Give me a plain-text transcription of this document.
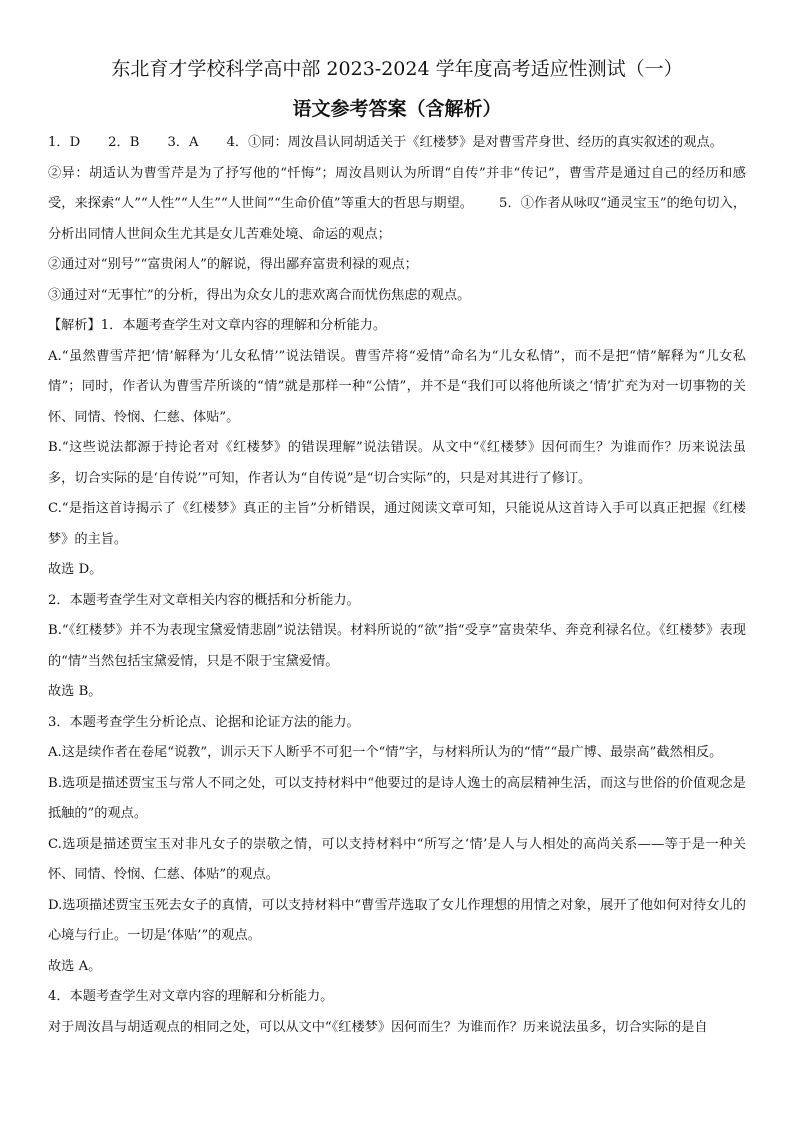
东北育才学校科学高中部 2023-2024 学年度高考适应性测试（一）
语文参考答案（含解析）

1．D 2．B 3．A 4．①同：周汝昌认同胡适关于《红楼梦》是对曹雪芹身世、经历的真实叙述的观点。

②异：胡适认为曹雪芹是为了抒写他的“忏悔”；周汝昌则认为所谓“自传”并非“传记”，曹雪芹是通过自己的经历和感受，来探索“人”“人性”“人生”“人世间”“生命价值”等重大的哲思与期望。 5．①作者从咏叹“通灵宝玉”的绝句切入，分析出同情人世间众生尤其是女儿苦难处境、命运的观点；

②通过对“别号”“富贵闲人”的解说，得出鄙弃富贵利禄的观点；

③通过对“无事忙”的分析，得出为众女儿的悲欢离合而忧伤焦虑的观点。

【解析】1．本题考查学生对文章内容的理解和分析能力。

A.“虽然曹雪芹把‘情’解释为‘儿女私情’”说法错误。曹雪芹将“爱情”命名为“儿女私情”，而不是把“情”解释为“儿女私情”；同时，作者认为曹雪芹所谈的“情”就是那样一种“公情”，并不是“我们可以将他所谈之‘情’扩充为对一切事物的关怀、同情、怜悯、仁慈、体贴”。

B.“这些说法都源于持论者对《红楼梦》的错误理解”说法错误。从文中“《红楼梦》因何而生？为谁而作？历来说法虽多，切合实际的是‘自传说’”可知，作者认为“自传说”是“切合实际”的，只是对其进行了修订。

C.“是指这首诗揭示了《红楼梦》真正的主旨”分析错误，通过阅读文章可知，只能说从这首诗入手可以真正把握《红楼梦》的主旨。

故选 D。

2．本题考查学生对文章相关内容的概括和分析能力。

B.“《红楼梦》并不为表现宝黛爱情悲剧”说法错误。材料所说的“欲”指“受享”富贵荣华、奔竞利禄名位。《红楼梦》表现的“情”当然包括宝黛爱情，只是不限于宝黛爱情。

故选 B。

3．本题考查学生分析论点、论据和论证方法的能力。

A.这是续作者在卷尾“说教”，训示天下人断乎不可犯一个“情”字，与材料所认为的“情”“最广博、最崇高”截然相反。

B.选项是描述贾宝玉与常人不同之处，可以支持材料中“他要过的是诗人逸士的高层精神生活，而这与世俗的价值观念是抵触的”的观点。

C.选项是描述贾宝玉对非凡女子的崇敬之情，可以支持材料中“所写之‘情’是人与人相处的高尚关系——等于是一种关怀、同情、怜悯、仁慈、体贴”的观点。

D.选项描述贾宝玉死去女子的真情，可以支持材料中“曹雪芹选取了女儿作理想的用情之对象，展开了他如何对待女儿的心境与行止。一切是‘体贴’”的观点。

故选 A。

4．本题考查学生对文章内容的理解和分析能力。

对于周汝昌与胡适观点的相同之处，可以从文中“《红楼梦》因何而生？为谁而作？历来说法虽多，切合实际的是自
